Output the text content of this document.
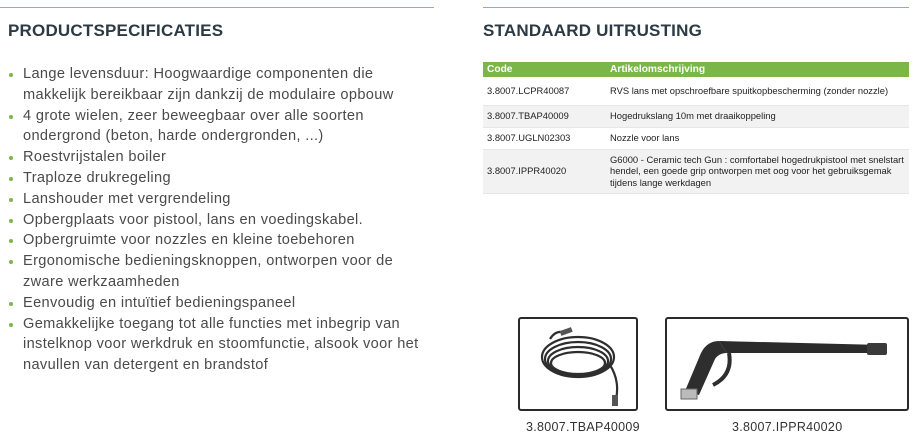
PRODUCTSPECIFICATIES
Lange levensduur: Hoogwaardige componenten die makkelijk bereikbaar zijn dankzij de modulaire opbouw
4 grote wielen, zeer beweegbaar over alle soorten ondergrond (beton, harde ondergronden, ...)
Roestvrijstalen boiler
Traploze drukregeling
Lanshouder met vergrendeling
Opbergplaats voor pistool, lans en voedingskabel.
Opbergruimte voor nozzles en kleine toebehoren
Ergonomische bedieningsknoppen, ontworpen voor de zware werkzaamheden
Eenvoudig en intuïtief bedieningspaneel
Gemakkelijke toegang tot alle functies met inbegrip van instelknop voor werkdruk en stoomfunctie, alsook voor het navullen van detergent en brandstof
STANDAARD UITRUSTING
Code	Artikelomschrijving
3.8007.LCPR40087	RVS lans met opschroefbare spuitkopbescherming (zonder nozzle)
3.8007.TBAP40009	Hogedrukslang 10m met draaikoppeling
3.8007.UGLN02303	Nozzle voor lans
3.8007.IPPR40020	G6000 - Ceramic tech Gun : comfortabel hogedrukpistool met snelstart hendel, een goede grip ontworpen met oog voor het gebruiksgemak tijdens lange werkdagen
3.8007.TBAP40009	3.8007.IPPR40020
